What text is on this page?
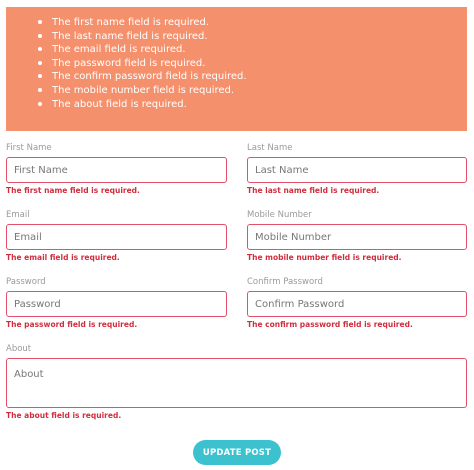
The first name field is required.
The last name field is required.
The email field is required.
The password field is required.
The confirm password field is required.
The mobile number field is required.
The about field is required.
First Name
First Name
The first name field is required.
Last Name
Last Name
The last name field is required.
Email
Email
The email field is required.
Mobile Number
Mobile Number
The mobile number field is required.
Password
Password
The password field is required.
Confirm Password
Confirm Password
The confirm password field is required.
About
About
The about field is required.
UPDATE POST
